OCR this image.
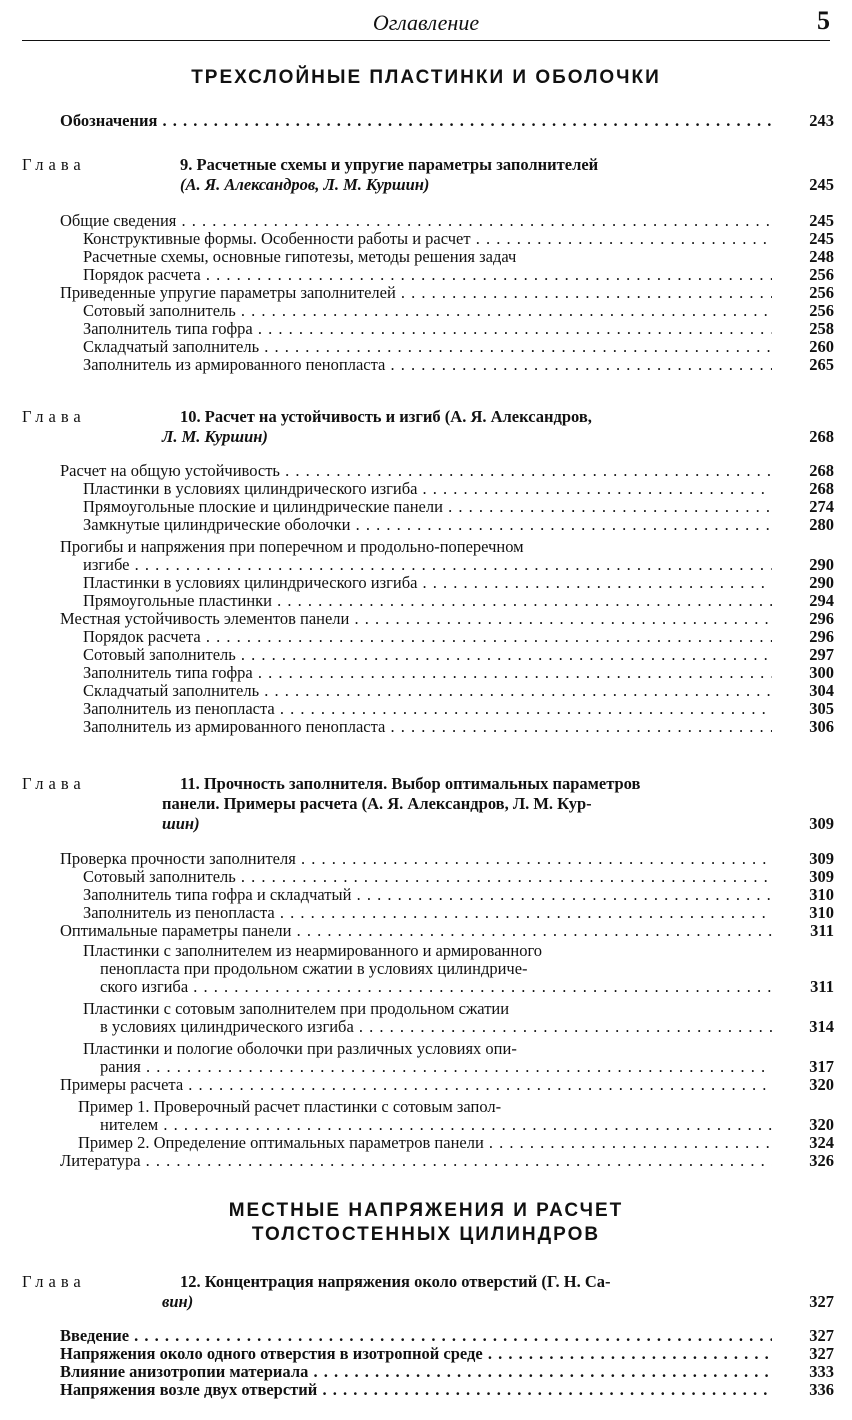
Оглавление	5
ТРЕХСЛОЙНЫЕ ПЛАСТИНКИ И ОБОЛОЧКИ
Обозначения . . .	243
Глава	9. Расчетные схемы и упругие параметры заполнителей
(А. Я. Александров, Л. М. Куршин)	245
Общие сведения . . .	245
Конструктивные формы. Особенности работы и расчет . . .	245
Расчетные схемы, основные гипотезы, методы решения задач	248
Порядок расчета . . .	256
Приведенные упругие параметры заполнителей . . .	256
Сотовый заполнитель . . .	256
Заполнитель типа гофра . . .	258
Складчатый заполнитель . . .	260
Заполнитель из армированного пенопласта . . .	265
Глава	10. Расчет на устойчивость и изгиб (А. Я. Александров,
Л. М. Куршин)	268
Расчет на общую устойчивость . . .	268
Пластинки в условиях цилиндрического изгиба . . .	268
Прямоугольные плоские и цилиндрические панели . . .	274
Замкнутые цилиндрические оболочки . . .	280
Прогибы и напряжения при поперечном и продольно-поперечном
изгибе . . .	290
Пластинки в условиях цилиндрического изгиба . . .	290
Прямоугольные пластинки . . .	294
Местная устойчивость элементов панели . . .	296
Порядок расчета . . .	296
Сотовый заполнитель . . .	297
Заполнитель типа гофра . . .	300
Складчатый заполнитель . . .	304
Заполнитель из пенопласта . . .	305
Заполнитель из армированного пенопласта . . .	306
Глава	11. Прочность заполнителя. Выбор оптимальных параметров
панели. Примеры расчета (А. Я. Александров, Л. М. Кур-
шин)	309
Проверка прочности заполнителя . . .	309
Сотовый заполнитель . . .	309
Заполнитель типа гофра и складчатый . . .	310
Заполнитель из пенопласта . . .	310
Оптимальные параметры панели . . .	311
Пластинки с заполнителем из неармированного и армированного
пенопласта при продольном сжатии в условиях цилиндриче-
ского изгиба . . .	311
Пластинки с сотовым заполнителем при продольном сжатии
в условиях цилиндрического изгиба . . .	314
Пластинки и пологие оболочки при различных условиях опи-
рания . . .	317
Примеры расчета . . .	320
Пример 1. Проверочный расчет пластинки с сотовым запол-
нителем . . .	320
Пример 2. Определение оптимальных параметров панели . . .	324
Литература . . .	326
МЕСТНЫЕ НАПРЯЖЕНИЯ И РАСЧЕТ
ТОЛСТОСТЕННЫХ ЦИЛИНДРОВ
Глава	12. Концентрация напряжения около отверстий (Г. Н. Са-
вин)	327
Введение . . .	327
Напряжения около одного отверстия в изотропной среде . . .	327
Влияние анизотропии материала . . .	333
Напряжения возле двух отверстий . . .	336
